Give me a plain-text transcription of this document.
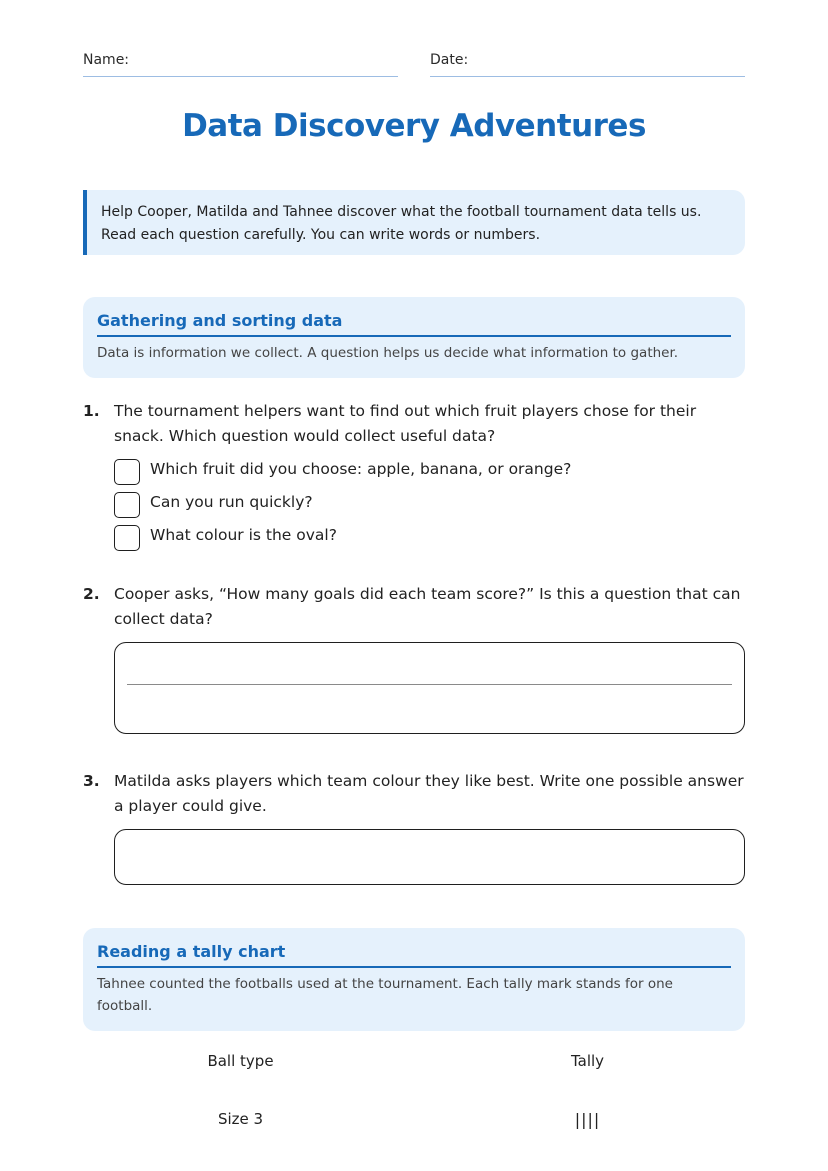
Name:	Date:
Data Discovery Adventures
Help Cooper, Matilda and Tahnee discover what the football tournament data tells us.
Read each question carefully. You can write words or numbers.
Gathering and sorting data
Data is information we collect. A question helps us decide what information to gather.
1. The tournament helpers want to find out which fruit players chose for their snack. Which question would collect useful data?
Which fruit did you choose: apple, banana, or orange?
Can you run quickly?
What colour is the oval?
2. Cooper asks, “How many goals did each team score?” Is this a question that can collect data?
3. Matilda asks players which team colour they like best. Write one possible answer a player could give.
Reading a tally chart
Tahnee counted the footballs used at the tournament. Each tally mark stands for one football.
Ball type	Tally
Size 3	||||
